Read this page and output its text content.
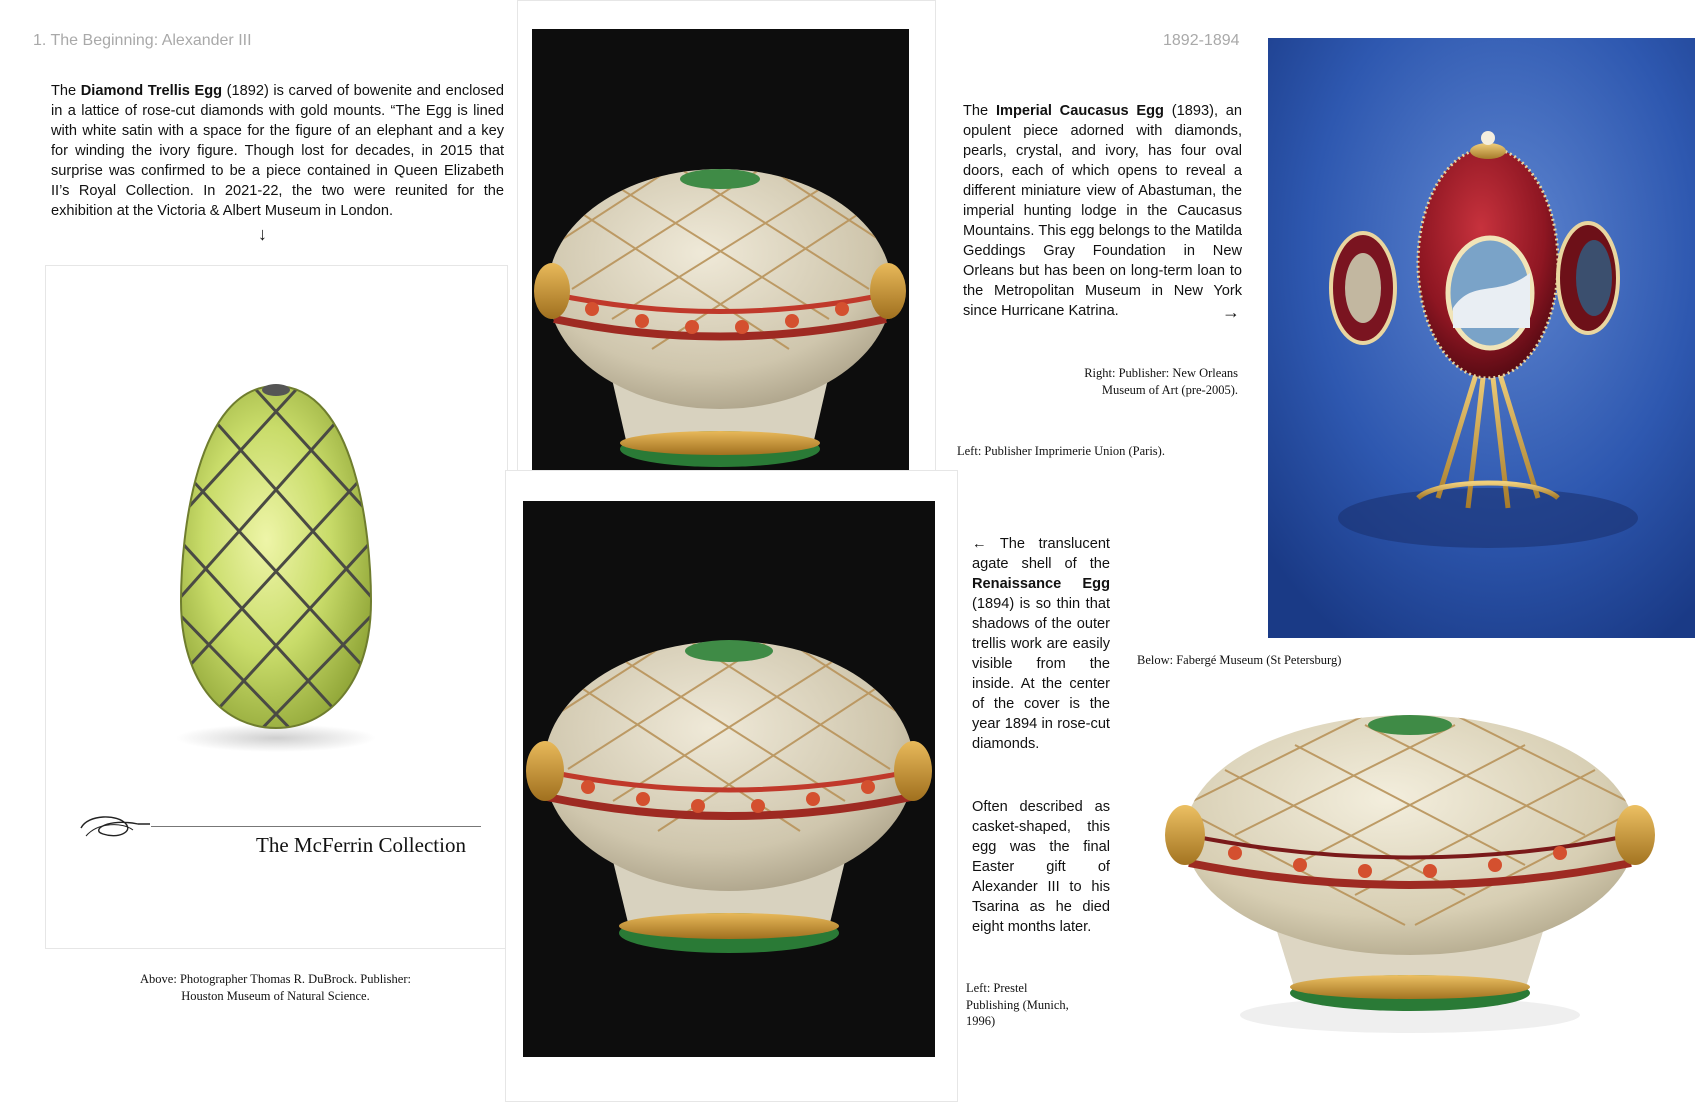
1. The Beginning: Alexander III	1892-1894
The Diamond Trellis Egg (1892) is carved of bowenite and enclosed in a lattice of rose-cut diamonds with gold mounts. “The Egg is lined with white satin with a space for the figure of an elephant and a key for winding the ivory figure. Though lost for decades, in 2015 that surprise was confirmed to be a piece contained in Queen Elizabeth II’s Royal Collection. In 2021-22, the two were reunited for the exhibition at the Victoria & Albert Museum in London.
↓
The McFerrin Collection
Above: Photographer Thomas R. DuBrock. Publisher:
Houston Museum of Natural Science.
The Imperial Caucasus Egg (1893), an opulent piece adorned with diamonds, pearls, crystal, and ivory, has four oval doors, each of which opens to reveal a different miniature view of Abastuman, the imperial hunting lodge in the Caucasus Mountains. This egg belongs to the Matilda Geddings Gray Foundation in New Orleans but has been on long-term loan to the Metropolitan Museum in New York since Hurricane Katrina.	→
Right: Publisher: New Orleans
Museum of Art (pre-2005).
Left: Publisher Imprimerie Union (Paris).
← The translucent agate shell of the Renaissance Egg (1894) is so thin that shadows of the outer trellis work are easily visible from the inside. At the center of the cover is the year 1894 in rose-cut diamonds.
Often described as casket-shaped, this egg was the final Easter gift of Alexander III to his Tsarina as he died eight months later.
Left: Prestel
Publishing (Munich,
1996)
Below: Fabergé Museum (St Petersburg)
